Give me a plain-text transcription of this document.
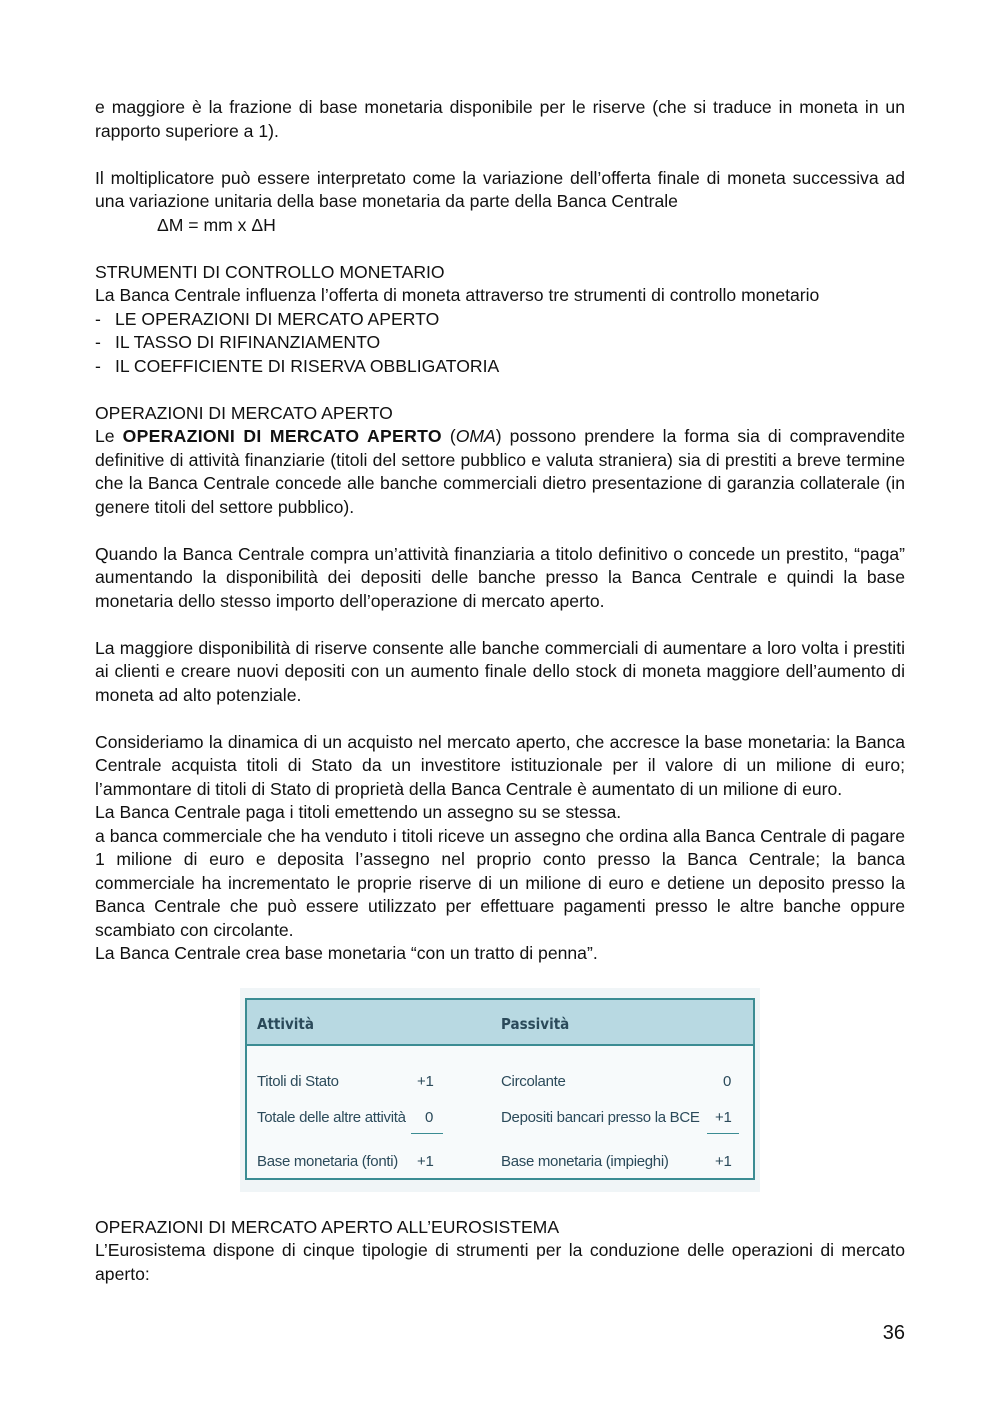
e maggiore è la frazione di base monetaria disponibile per le riserve (che si traduce in moneta in un rapporto superiore a 1).

Il moltiplicatore può essere interpretato come la variazione dell’offerta finale di moneta successiva ad una variazione unitaria della base monetaria da parte della Banca Centrale

ΔM = mm x ΔH

STRUMENTI DI CONTROLLO MONETARIO

La Banca Centrale influenza l’offerta di moneta attraverso tre strumenti di controllo monetario

- LE OPERAZIONI DI MERCATO APERTO
- IL TASSO DI RIFINANZIAMENTO
- IL COEFFICIENTE DI RISERVA OBBLIGATORIA

OPERAZIONI DI MERCATO APERTO

Le OPERAZIONI DI MERCATO APERTO (OMA) possono prendere la forma sia di compravendite definitive di attività finanziarie (titoli del settore pubblico e valuta straniera) sia di prestiti a breve termine che la Banca Centrale concede alle banche commerciali dietro presentazione di garanzia collaterale (in genere titoli del settore pubblico).

Quando la Banca Centrale compra un’attività finanziaria a titolo definitivo o concede un prestito, “paga” aumentando la disponibilità dei depositi delle banche presso la Banca Centrale e quindi la base monetaria dello stesso importo dell’operazione di mercato aperto.

La maggiore disponibilità di riserve consente alle banche commerciali di aumentare a loro volta i prestiti ai clienti e creare nuovi depositi con un aumento finale dello stock di moneta maggiore dell’aumento di moneta ad alto potenziale.

Consideriamo la dinamica di un acquisto nel mercato aperto, che accresce la base monetaria: la Banca Centrale acquista titoli di Stato da un investitore istituzionale per il valore di un milione di euro; l’ammontare di titoli di Stato di proprietà della Banca Centrale è aumentato di un milione di euro.

La Banca Centrale paga i titoli emettendo un assegno su se stessa.

a banca commerciale che ha venduto i titoli riceve un assegno che ordina alla Banca Centrale di pagare 1 milione di euro e deposita l’assegno nel proprio conto presso la Banca Centrale; la banca commerciale ha incrementato le proprie riserve di un milione di euro e detiene un deposito presso la Banca Centrale che può essere utilizzato per effettuare pagamenti presso le altre banche oppure scambiato con circolante.

La Banca Centrale crea base monetaria “con un tratto di penna”.

Attività	Passività
Titoli di Stato	+1	Circolante	0
Totale delle altre attività 0	Depositi bancari presso la BCE +1
Base monetaria (fonti) +1	Base monetaria (impieghi)	+1

OPERAZIONI DI MERCATO APERTO ALL’EUROSISTEMA

L’Eurosistema dispone di cinque tipologie di strumenti per la conduzione delle operazioni di mercato aperto:

36
